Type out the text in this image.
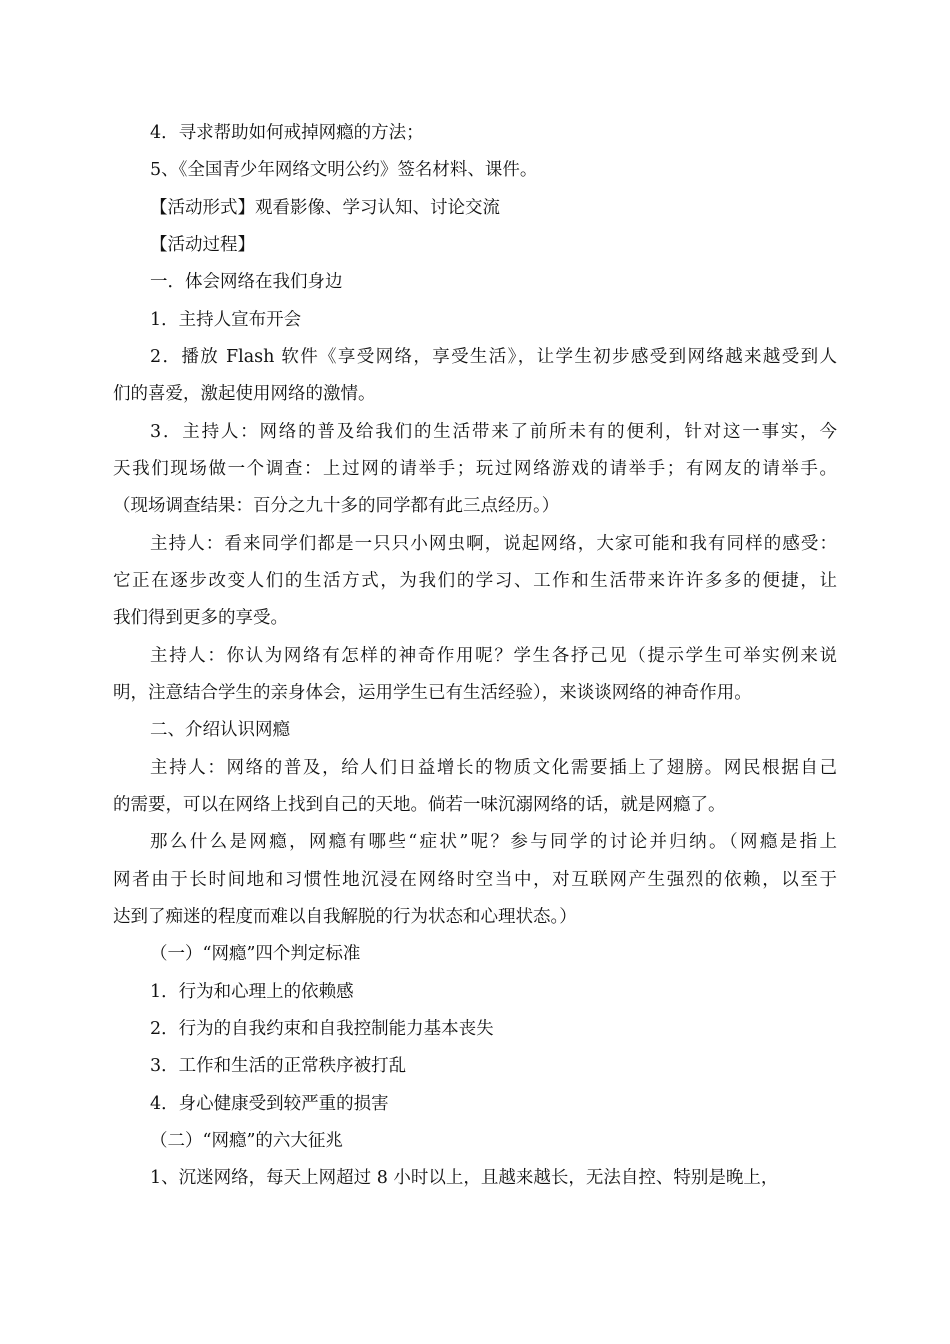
4．寻求帮助如何戒掉网瘾的方法；
5、《全国青少年网络文明公约》签名材料、课件。
【活动形式】观看影像、学习认知、讨论交流
【活动过程】
一．体会网络在我们身边
1．主持人宣布开会
2．播放 Flash 软件《享受网络，享受生活》，让学生初步感受到网络越来越受到人
们的喜爱，激起使用网络的激情。
3．主持人：网络的普及给我们的生活带来了前所未有的便利，针对这一事实，今
天我们现场做一个调查：上过网的请举手；玩过网络游戏的请举手；有网友的请举手。
（现场调查结果：百分之九十多的同学都有此三点经历。）
主持人：看来同学们都是一只只小网虫啊，说起网络，大家可能和我有同样的感受：
它正在逐步改变人们的生活方式，为我们的学习、工作和生活带来许许多多的便捷，让
我们得到更多的享受。
主持人：你认为网络有怎样的神奇作用呢？学生各抒己见（提示学生可举实例来说
明，注意结合学生的亲身体会，运用学生已有生活经验），来谈谈网络的神奇作用。
二、介绍认识网瘾
主持人：网络的普及，给人们日益增长的物质文化需要插上了翅膀。网民根据自己
的需要，可以在网络上找到自己的天地。倘若一味沉溺网络的话，就是网瘾了。
那么什么是网瘾，网瘾有哪些“症状”呢？参与同学的讨论并归纳。（网瘾是指上
网者由于长时间地和习惯性地沉浸在网络时空当中，对互联网产生强烈的依赖，以至于
达到了痴迷的程度而难以自我解脱的行为状态和心理状态。）
（一）“网瘾”四个判定标准
1．行为和心理上的依赖感
2．行为的自我约束和自我控制能力基本丧失
3．工作和生活的正常秩序被打乱
4．身心健康受到较严重的损害
（二）“网瘾”的六大征兆
1、沉迷网络，每天上网超过 8 小时以上，且越来越长，无法自控、特别是晚上，
